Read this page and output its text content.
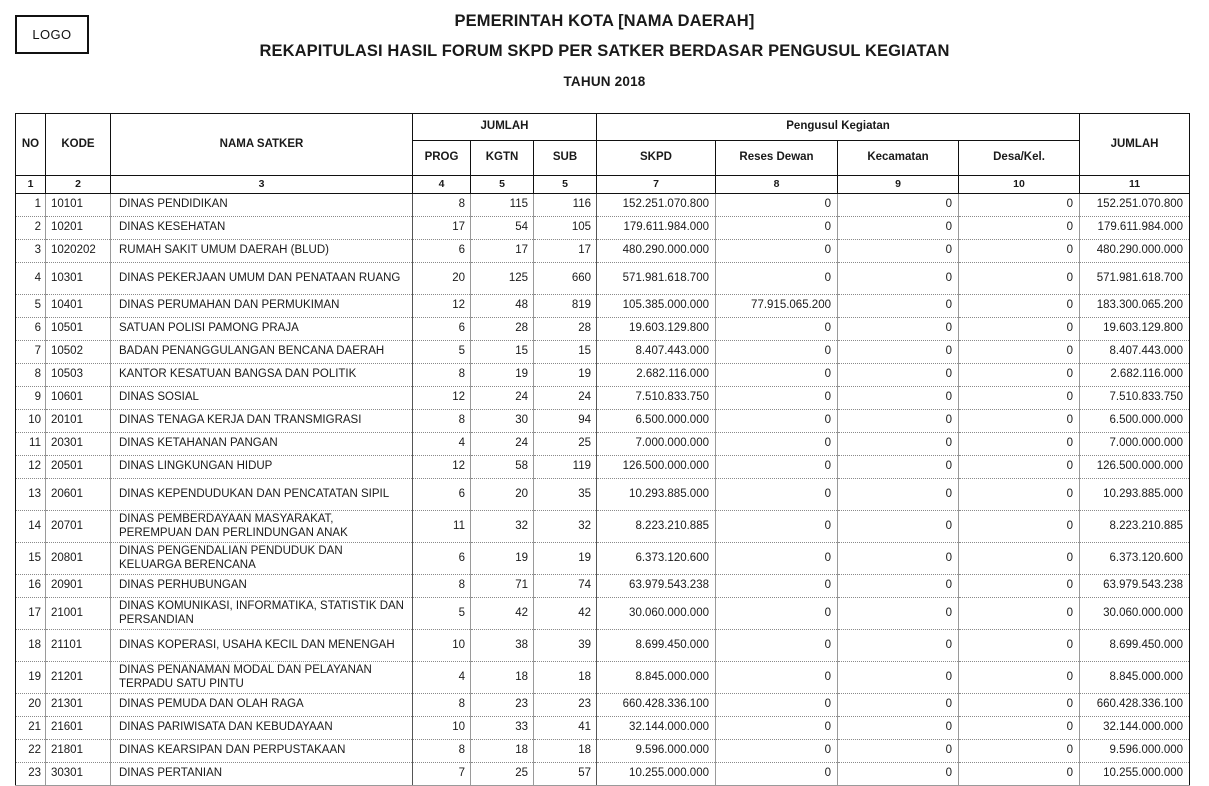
LOGO
PEMERINTAH KOTA [NAMA DAERAH]
REKAPITULASI HASIL FORUM SKPD PER SATKER BERDASAR PENGUSUL KEGIATAN
TAHUN 2018
NO	KODE	NAMA SATKER	JUMLAH			Pengusul Kegiatan				JUMLAH
			PROG	KGTN	SUB	SKPD	Reses Dewan	Kecamatan	Desa/Kel.	
1	2	3	4	5	5	7	8	9	10	11
1	10101	DINAS PENDIDIKAN	8	115	116	152.251.070.800	0	0	0	152.251.070.800
2	10201	DINAS KESEHATAN	17	54	105	179.611.984.000	0	0	0	179.611.984.000
3	1020202	RUMAH SAKIT UMUM DAERAH (BLUD)	6	17	17	480.290.000.000	0	0	0	480.290.000.000
4	10301	DINAS PEKERJAAN UMUM DAN PENATAAN RUANG	20	125	660	571.981.618.700	0	0	0	571.981.618.700
5	10401	DINAS PERUMAHAN DAN PERMUKIMAN	12	48	819	105.385.000.000	77.915.065.200	0	0	183.300.065.200
6	10501	SATUAN POLISI PAMONG PRAJA	6	28	28	19.603.129.800	0	0	0	19.603.129.800
7	10502	BADAN PENANGGULANGAN BENCANA DAERAH	5	15	15	8.407.443.000	0	0	0	8.407.443.000
8	10503	KANTOR KESATUAN BANGSA DAN POLITIK	8	19	19	2.682.116.000	0	0	0	2.682.116.000
9	10601	DINAS SOSIAL	12	24	24	7.510.833.750	0	0	0	7.510.833.750
10	20101	DINAS TENAGA KERJA DAN TRANSMIGRASI	8	30	94	6.500.000.000	0	0	0	6.500.000.000
11	20301	DINAS KETAHANAN PANGAN	4	24	25	7.000.000.000	0	0	0	7.000.000.000
12	20501	DINAS LINGKUNGAN HIDUP	12	58	119	126.500.000.000	0	0	0	126.500.000.000
13	20601	DINAS KEPENDUDUKAN DAN PENCATATAN SIPIL	6	20	35	10.293.885.000	0	0	0	10.293.885.000
14	20701	DINAS PEMBERDAYAAN MASYARAKAT, PEREMPUAN DAN PERLINDUNGAN ANAK	11	32	32	8.223.210.885	0	0	0	8.223.210.885
15	20801	DINAS PENGENDALIAN PENDUDUK DAN KELUARGA BERENCANA	6	19	19	6.373.120.600	0	0	0	6.373.120.600
16	20901	DINAS PERHUBUNGAN	8	71	74	63.979.543.238	0	0	0	63.979.543.238
17	21001	DINAS KOMUNIKASI, INFORMATIKA, STATISTIK DAN PERSANDIAN	5	42	42	30.060.000.000	0	0	0	30.060.000.000
18	21101	DINAS KOPERASI, USAHA KECIL DAN MENENGAH	10	38	39	8.699.450.000	0	0	0	8.699.450.000
19	21201	DINAS PENANAMAN MODAL DAN PELAYANAN TERPADU SATU PINTU	4	18	18	8.845.000.000	0	0	0	8.845.000.000
20	21301	DINAS PEMUDA DAN OLAH RAGA	8	23	23	660.428.336.100	0	0	0	660.428.336.100
21	21601	DINAS PARIWISATA DAN KEBUDAYAAN	10	33	41	32.144.000.000	0	0	0	32.144.000.000
22	21801	DINAS KEARSIPAN DAN PERPUSTAKAAN	8	18	18	9.596.000.000	0	0	0	9.596.000.000
23	30301	DINAS PERTANIAN	7	25	57	10.255.000.000	0	0	0	10.255.000.000
